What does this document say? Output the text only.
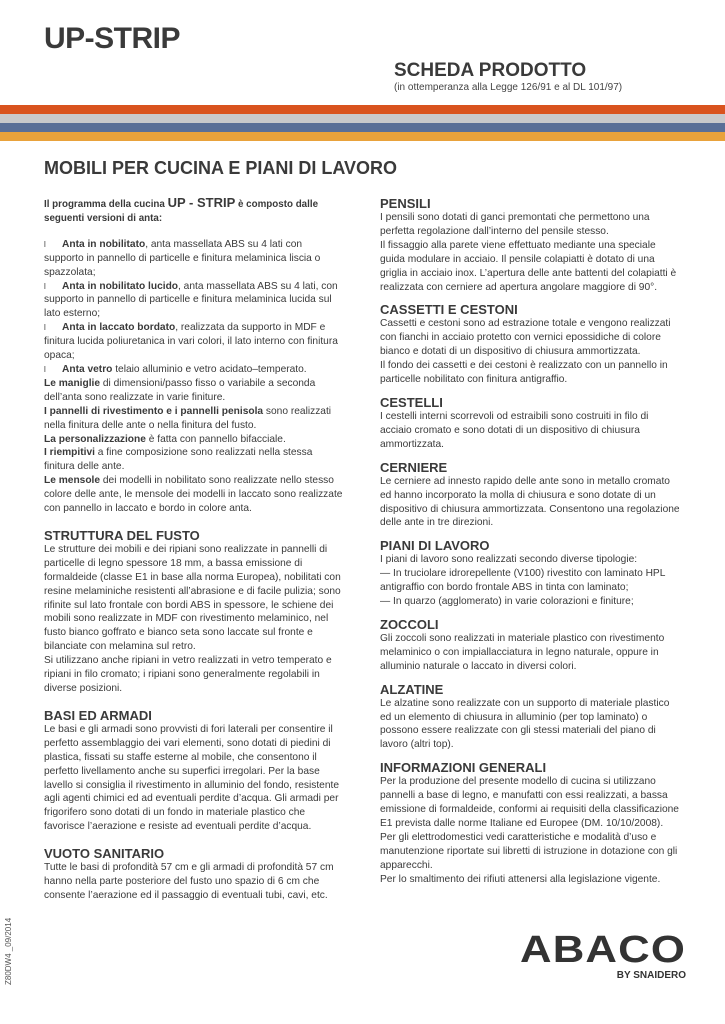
UP-STRIP
SCHEDA PRODOTTO
(in ottemperanza alla Legge 126/91 e al DL 101/97)
MOBILI PER CUCINA E PIANI DI LAVORO

Il programma della cucina UP - STRIP è composto dalle seguenti versioni di anta:

l Anta in nobilitato, anta massellata ABS su 4 lati con supporto in pannello di particelle e finitura melaminica liscia o spazzolata;

l Anta in nobilitato lucido, anta massellata ABS su 4 lati, con supporto in pannello di particelle e finitura melaminica lucida sul lato esterno;

l Anta in laccato bordato, realizzata da supporto in MDF e finitura lucida poliuretanica in vari colori, il lato interno con finitura opaca;

l Anta vetro telaio alluminio e vetro acidato–temperato.

Le maniglie di dimensioni/passo fisso o variabile a seconda dell’anta sono realizzate in varie finiture.

I pannelli di rivestimento e i pannelli penisola sono realizzati nella finitura delle ante o nella finitura del fusto.

La personalizzazione è fatta con pannello bifacciale.

I riempitivi a fine composizione sono realizzati nella stessa finitura delle ante.

Le mensole dei modelli in nobilitato sono realizzate nello stesso colore delle ante, le mensole dei modelli in laccato sono realizzate con pannello in laccato e bordo in colore anta.

STRUTTURA DEL FUSTO

Le strutture dei mobili e dei ripiani sono realizzate in pannelli di particelle di legno spessore 18 mm, a bassa emissione di formaldeide (classe E1 in base alla norma Europea), nobilitati con resine melaminiche resistenti all’abrasione e di facile pulizia; sono rifinite sul lato frontale con bordi ABS in spessore, le schiene dei mobili sono realizzate in MDF con rivestimento melaminico, nel fusto bianco goffrato e bianco seta sono laccate sul fronte e bilanciate con melamina sul retro.

Si utilizzano anche ripiani in vetro realizzati in vetro temperato e ripiani in filo cromato; i ripiani sono generalmente regolabili in diverse posizioni.

BASI ED ARMADI

Le basi e gli armadi sono provvisti di fori laterali per consentire il perfetto assemblaggio dei vari elementi, sono dotati di piedini di plastica, fissati su staffe esterne al mobile, che consentono il perfetto livellamento anche su superfici irregolari. Per la base lavello si consiglia il rivestimento in alluminio del fondo, resistente agli agenti chimici ed ad eventuali perdite d’acqua. Gli armadi per frigorifero sono dotati di un fondo in materiale plastico che favorisce l’aerazione e resiste ad eventuali perdite d’acqua.

VUOTO SANITARIO

Tutte le basi di profondità 57 cm e gli armadi di profondità 57 cm hanno nella parte posteriore del fusto uno spazio di 6 cm che consente l’aerazione ed il passaggio di eventuali tubi, cavi, etc.

PENSILI

I pensili sono dotati di ganci premontati che permettono una perfetta regolazione dall’interno del pensile stesso.

Il fissaggio alla parete viene effettuato mediante una speciale guida modulare in acciaio. Il pensile colapiatti è dotato di una griglia in acciaio inox. L’apertura delle ante battenti del colapiatti è realizzata con cerniere ad apertura angolare maggiore di 90°.

CASSETTI E CESTONI

Cassetti e cestoni sono ad estrazione totale e vengono realizzati con fianchi in acciaio protetto con vernici epossidiche di colore bianco e dotati di un dispositivo di chiusura ammortizzata.

Il fondo dei cassetti e dei cestoni è realizzato con un pannello in particelle nobilitato con finitura antigraffio.

CESTELLI

I cestelli interni scorrevoli od estraibili sono costruiti in filo di acciaio cromato e sono dotati di un dispositivo di chiusura ammortizzata.

CERNIERE

Le cerniere ad innesto rapido delle ante sono in metallo cromato ed hanno incorporato la molla di chiusura e sono dotate di un dispositivo di chiusura ammortizzata. Consentono una regolazione delle ante in tre direzioni.

PIANI DI LAVORO

I piani di lavoro sono realizzati secondo diverse tipologie:

— In truciolare idrorepellente (V100) rivestito con laminato HPL antigraffio con bordo frontale ABS in tinta con laminato;

— In quarzo (agglomerato) in varie colorazioni e finiture;

ZOCCOLI

Gli zoccoli sono realizzati in materiale plastico con rivestimento melaminico o con impiallacciatura in legno naturale, oppure in alluminio naturale o laccato in diversi colori.

ALZATINE

Le alzatine sono realizzate con un supporto di materiale plastico ed un elemento di chiusura in alluminio (per top laminato) o possono essere realizzate con gli stessi materiali del piano di lavoro (altri top).

INFORMAZIONI GENERALI

Per la produzione del presente modello di cucina si utilizzano pannelli a base di legno, e manufatti con essi realizzati, a bassa emissione di formaldeide, conformi ai requisiti della classificazione E1 prevista dalle norme Italiane ed Europee (DM. 10/10/2008). Per gli elettrodomestici vedi caratteristiche e modalità d’uso e manutenzione riportate sui libretti di istruzione in dotazione con gli apparecchi.

Per lo smaltimento dei rifiuti attenersi alla legislazione vigente.

Z80DW4 _09/2014	ABACO
BY SNAIDERO
